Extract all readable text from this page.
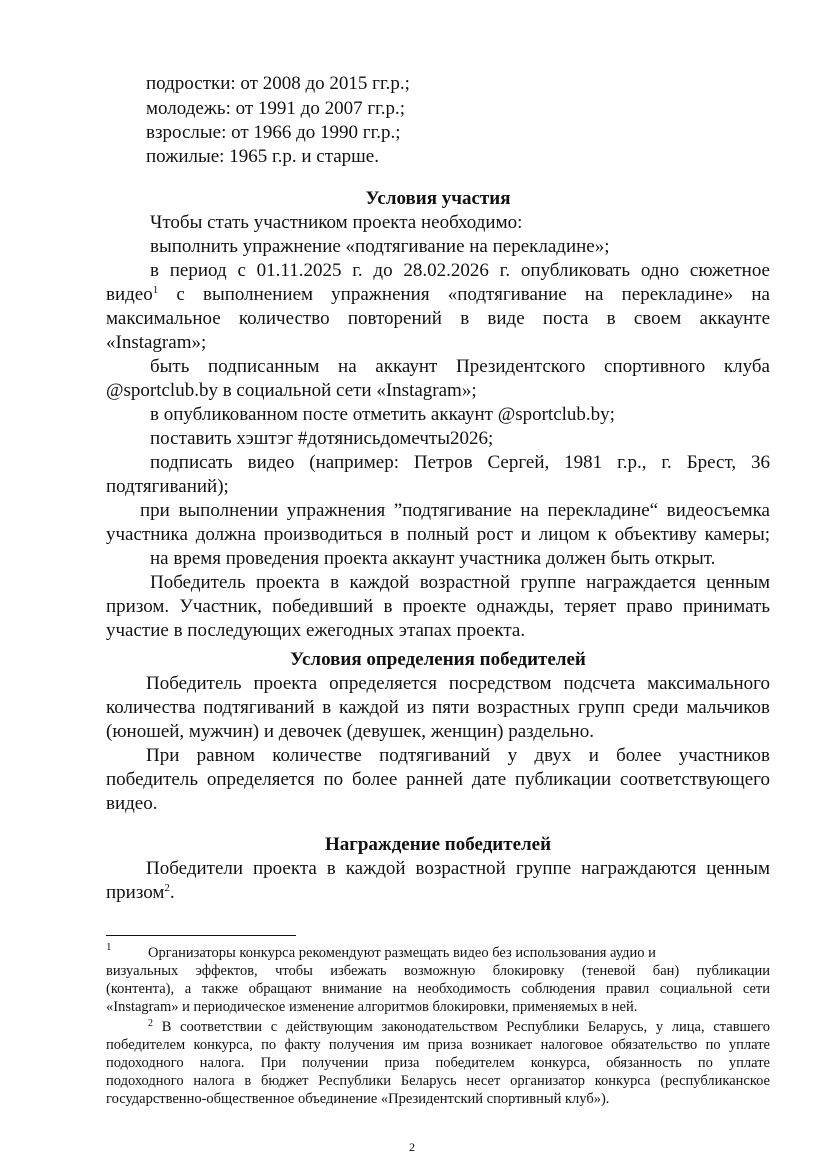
подростки: от 2008 до 2015 гг.р.;
молодежь: от 1991 до 2007 гг.р.;
взрослые: от 1966 до 1990 гг.р.;
пожилые: 1965 г.р. и старше.
Условия участия
Чтобы стать участником проекта необходимо:
выполнить упражнение «подтягивание на перекладине»;
в период с 01.11.2025 г. до 28.02.2026 г. опубликовать одно сюжетное
видео$^1$ с выполнением упражнения «подтягивание на перекладине» на
максимальное количество повторений в виде поста в своем аккаунте
«Instagram»;
быть подписанным на аккаунт Президентского спортивного клуба
@sportclub.by в социальной сети «Instagram»;
в опубликованном посте отметить аккаунт @sportclub.by;
поставить хэштэг #дотянисьдомечты2026;
подписать видео (например: Петров Сергей, 1981 г.р., г. Брест, 36
подтягиваний);
при выполнении упражнения ”подтягивание на перекладине“ видеосъемка
участника должна производиться в полный рост и лицом к объективу камеры;
на время проведения проекта аккаунт участника должен быть открыт.
Победитель проекта в каждой возрастной группе награждается ценным
призом. Участник, победивший в проекте однажды, теряет право принимать
участие в последующих ежегодных этапах проекта.
Условия определения победителей
Победитель проекта определяется посредством подсчета максимального
количества подтягиваний в каждой из пяти возрастных групп среди мальчиков
(юношей, мужчин) и девочек (девушек, женщин) раздельно.
При равном количестве подтягиваний у двух и более участников
победитель определяется по более ранней дате публикации соответствующего
видео.
Награждение победителей
Победители проекта в каждой возрастной группе награждаются ценным
призом$^2$.
1	Организаторы конкурса рекомендуют размещать видео без использования аудио и
визуальных эффектов, чтобы избежать возможную блокировку (теневой бан) публикации
(контента), а также обращают внимание на необходимость соблюдения правил социальной сети
«Instagram» и периодическое изменение алгоритмов блокировки, применяемых в ней.
$^2$ В соответствии с действующим законодательством Республики Беларусь, у лица, ставшего
победителем конкурса, по факту получения им приза возникает налоговое обязательство по уплате
подоходного налога. При получении приза победителем конкурса, обязанность по уплате
подоходного налога в бюджет Республики Беларусь несет организатор конкурса (республиканское
государственно-общественное объединение «Президентский спортивный клуб»).
2
